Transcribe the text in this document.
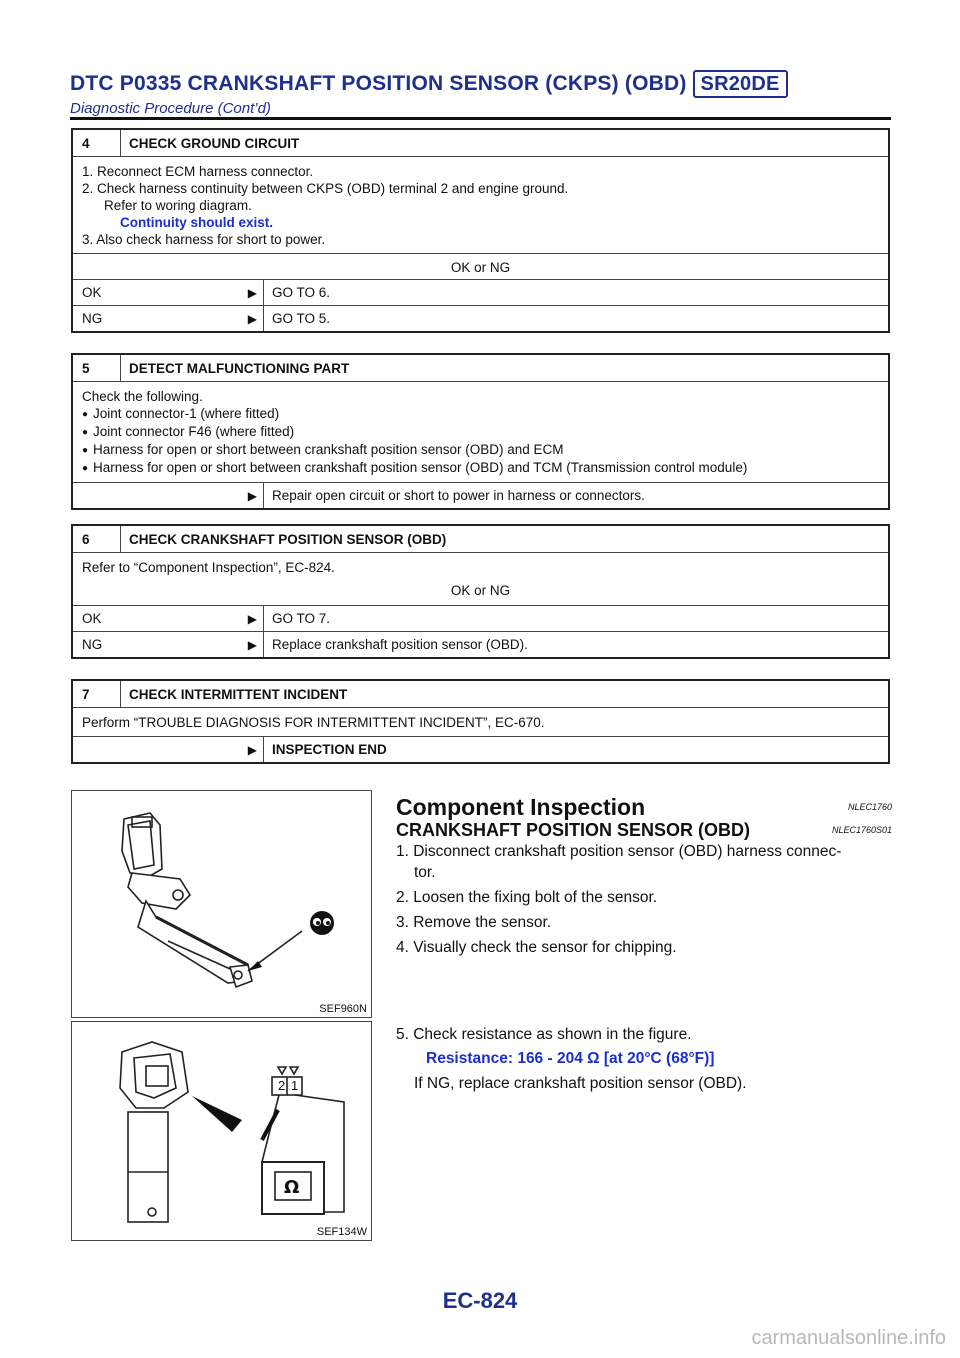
DTC P0335 CRANKSHAFT POSITION SENSOR (CKPS) (OBD) SR20DE
Diagnostic Procedure (Cont’d)
4	CHECK GROUND CIRCUIT
1. Reconnect ECM harness connector.
2. Check harness continuity between CKPS (OBD) terminal 2 and engine ground.
Refer to woring diagram.
Continuity should exist.
3. Also check harness for short to power.
OK or NG
OK	▶	GO TO 6.
NG	▶	GO TO 5.
5	DETECT MALFUNCTIONING PART
Check the following.
● Joint connector-1 (where fitted)
● Joint connector F46 (where fitted)
● Harness for open or short between crankshaft position sensor (OBD) and ECM
● Harness for open or short between crankshaft position sensor (OBD) and TCM (Transmission control module)
▶	Repair open circuit or short to power in harness or connectors.
6	CHECK CRANKSHAFT POSITION SENSOR (OBD)
Refer to “Component Inspection”, EC-824.
OK or NG
OK	▶	GO TO 7.
NG	▶	Replace crankshaft position sensor (OBD).
7	CHECK INTERMITTENT INCIDENT
Perform “TROUBLE DIAGNOSIS FOR INTERMITTENT INCIDENT”, EC-670.
▶	INSPECTION END
SEF960N
2 1
Ω
SEF134W
Component Inspection	NLEC1760
CRANKSHAFT POSITION SENSOR (OBD)	NLEC1760S01
1. Disconnect crankshaft position sensor (OBD) harness connec-
tor.
2. Loosen the fixing bolt of the sensor.
3. Remove the sensor.
4. Visually check the sensor for chipping.
5. Check resistance as shown in the figure.
Resistance: 166 - 204 Ω [at 20°C (68°F)]
If NG, replace crankshaft position sensor (OBD).
EC-824
carmanualsonline.info
